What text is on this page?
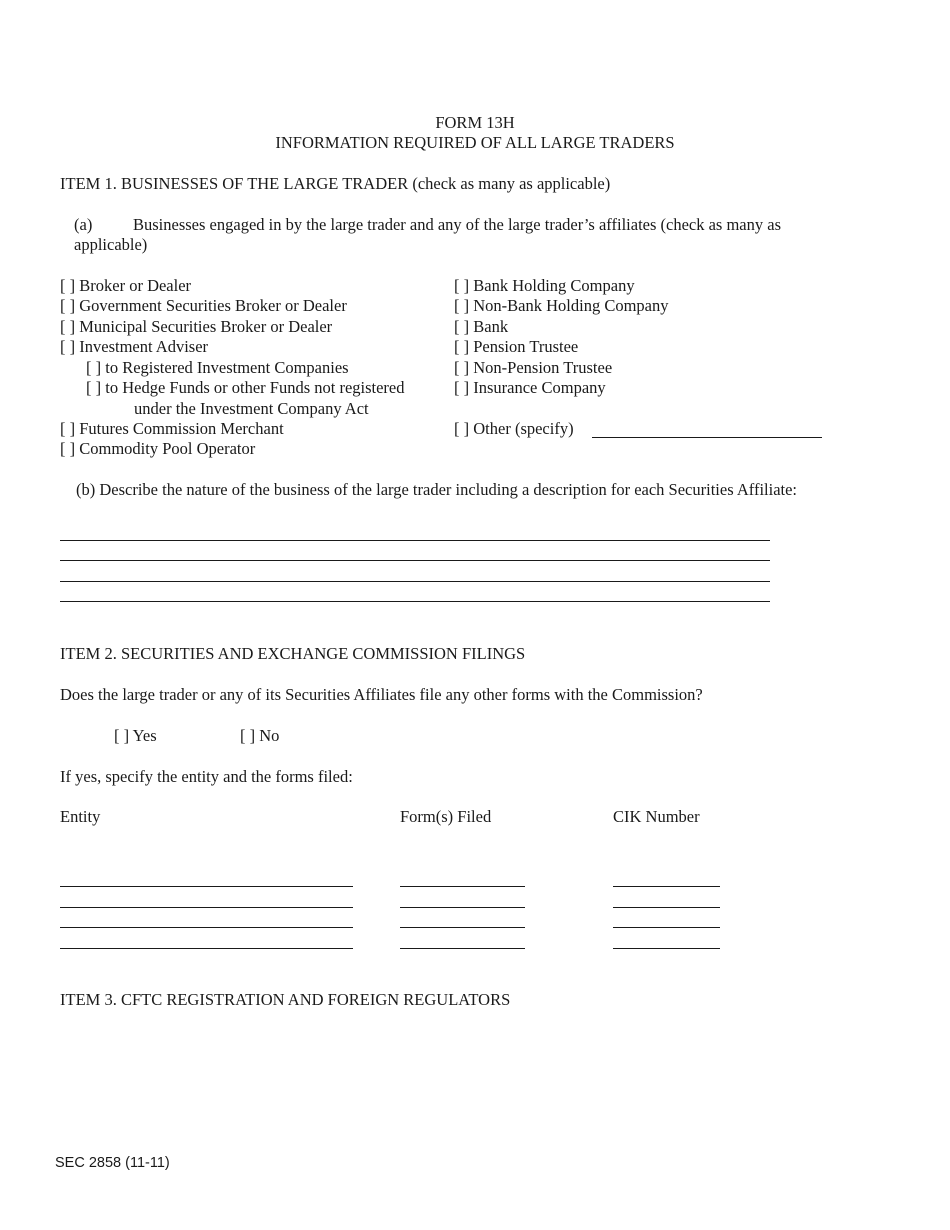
FORM 13H
INFORMATION REQUIRED OF ALL LARGE TRADERS
ITEM 1. BUSINESSES OF THE LARGE TRADER (check as many as applicable)
(a) Businesses engaged in by the large trader and any of the large trader’s affiliates (check as many as
applicable)
[ ] Broker or Dealer
[ ] Government Securities Broker or Dealer
[ ] Municipal Securities Broker or Dealer
[ ] Investment Adviser
[ ] to Registered Investment Companies
[ ] to Hedge Funds or other Funds not registered
under the Investment Company Act
[ ] Futures Commission Merchant
[ ] Commodity Pool Operator
[ ] Bank Holding Company
[ ] Non-Bank Holding Company
[ ] Bank
[ ] Pension Trustee
[ ] Non-Pension Trustee
[ ] Insurance Company
[ ] Other (specify)
(b) Describe the nature of the business of the large trader including a description for each Securities Affiliate:
ITEM 2. SECURITIES AND EXCHANGE COMMISSION FILINGS
Does the large trader or any of its Securities Affiliates file any other forms with the Commission?
[ ] Yes	[ ] No
If yes, specify the entity and the forms filed:
Entity	Form(s) Filed	CIK Number
ITEM 3. CFTC REGISTRATION AND FOREIGN REGULATORS
SEC 2858 (11-11)
